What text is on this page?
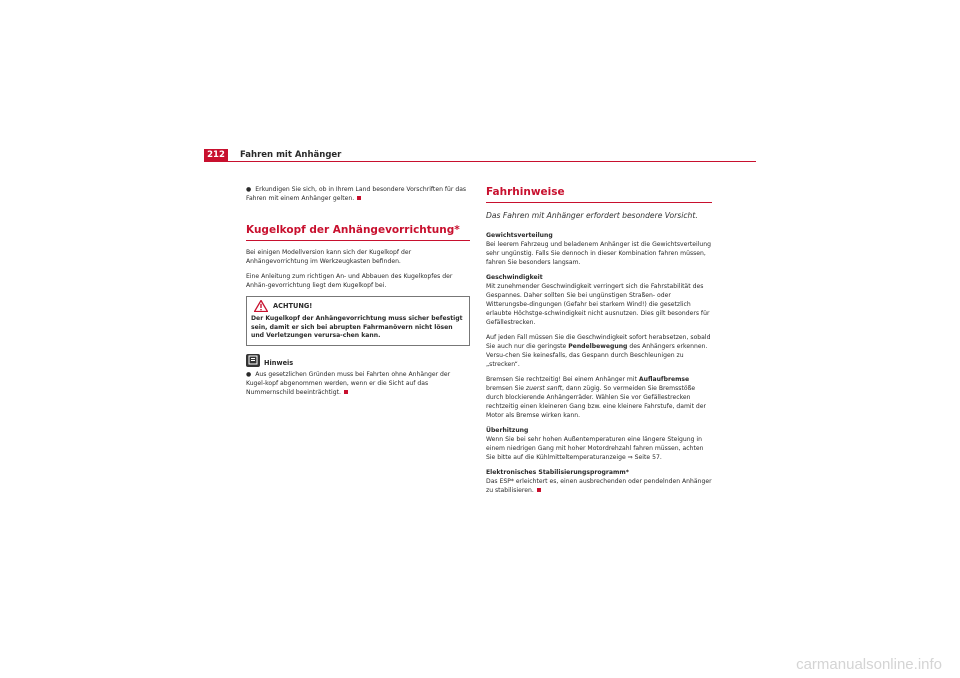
212	Fahren mit Anhänger

● Erkundigen Sie sich, ob in Ihrem Land besondere Vorschriften für das Fahren mit einem Anhänger gelten.

Kugelkopf der Anhängevorrichtung*

Bei einigen Modellversion kann sich der Kugelkopf der Anhängevorrichtung im Werkzeugkasten befinden.

Eine Anleitung zum richtigen An- und Abbauen des Kugelkopfes der Anhän-gevorrichtung liegt dem Kugelkopf bei.

ACHTUNG!

Der Kugelkopf der Anhängevorrichtung muss sicher befestigt sein, damit er sich bei abrupten Fahrmanövern nicht lösen und Verletzungen verursa-chen kann.

Hinweis

● Aus gesetzlichen Gründen muss bei Fahrten ohne Anhänger der Kugel-kopf abgenommen werden, wenn er die Sicht auf das Nummernschild beeinträchtigt.

Fahrhinweise

Das Fahren mit Anhänger erfordert besondere Vorsicht.

Gewichtsverteilung

Bei leerem Fahrzeug und beladenem Anhänger ist die Gewichtsverteilung sehr ungünstig. Falls Sie dennoch in dieser Kombination fahren müssen, fahren Sie besonders langsam.

Geschwindigkeit

Mit zunehmender Geschwindigkeit verringert sich die Fahrstabilität des Gespannes. Daher sollten Sie bei ungünstigen Straßen- oder Witterungsbe-dingungen (Gefahr bei starkem Wind!) die gesetzlich erlaubte Höchstge-schwindigkeit nicht ausnutzen. Dies gilt besonders für Gefällestrecken.

Auf jeden Fall müssen Sie die Geschwindigkeit sofort herabsetzen, sobald Sie auch nur die geringste Pendelbewegung des Anhängers erkennen. Versu-chen Sie keinesfalls, das Gespann durch Beschleunigen zu „strecken“.

Bremsen Sie rechtzeitig! Bei einem Anhänger mit Auflaufbremse bremsen Sie zuerst sanft, dann zügig. So vermeiden Sie Bremsstöße durch blockierende Anhängerräder. Wählen Sie vor Gefällestrecken rechtzeitig einen kleineren Gang bzw. eine kleinere Fahrstufe, damit der Motor als Bremse wirken kann.

Überhitzung

Wenn Sie bei sehr hohen Außentemperaturen eine längere Steigung in einem niedrigen Gang mit hoher Motordrehzahl fahren müssen, achten Sie bitte auf die Kühlmitteltemperaturanzeige ⇒ Seite 57.

Elektronisches Stabilisierungsprogramm*

Das ESP* erleichtert es, einen ausbrechenden oder pendelnden Anhänger zu stabilisieren.

carmanualsonline.info
